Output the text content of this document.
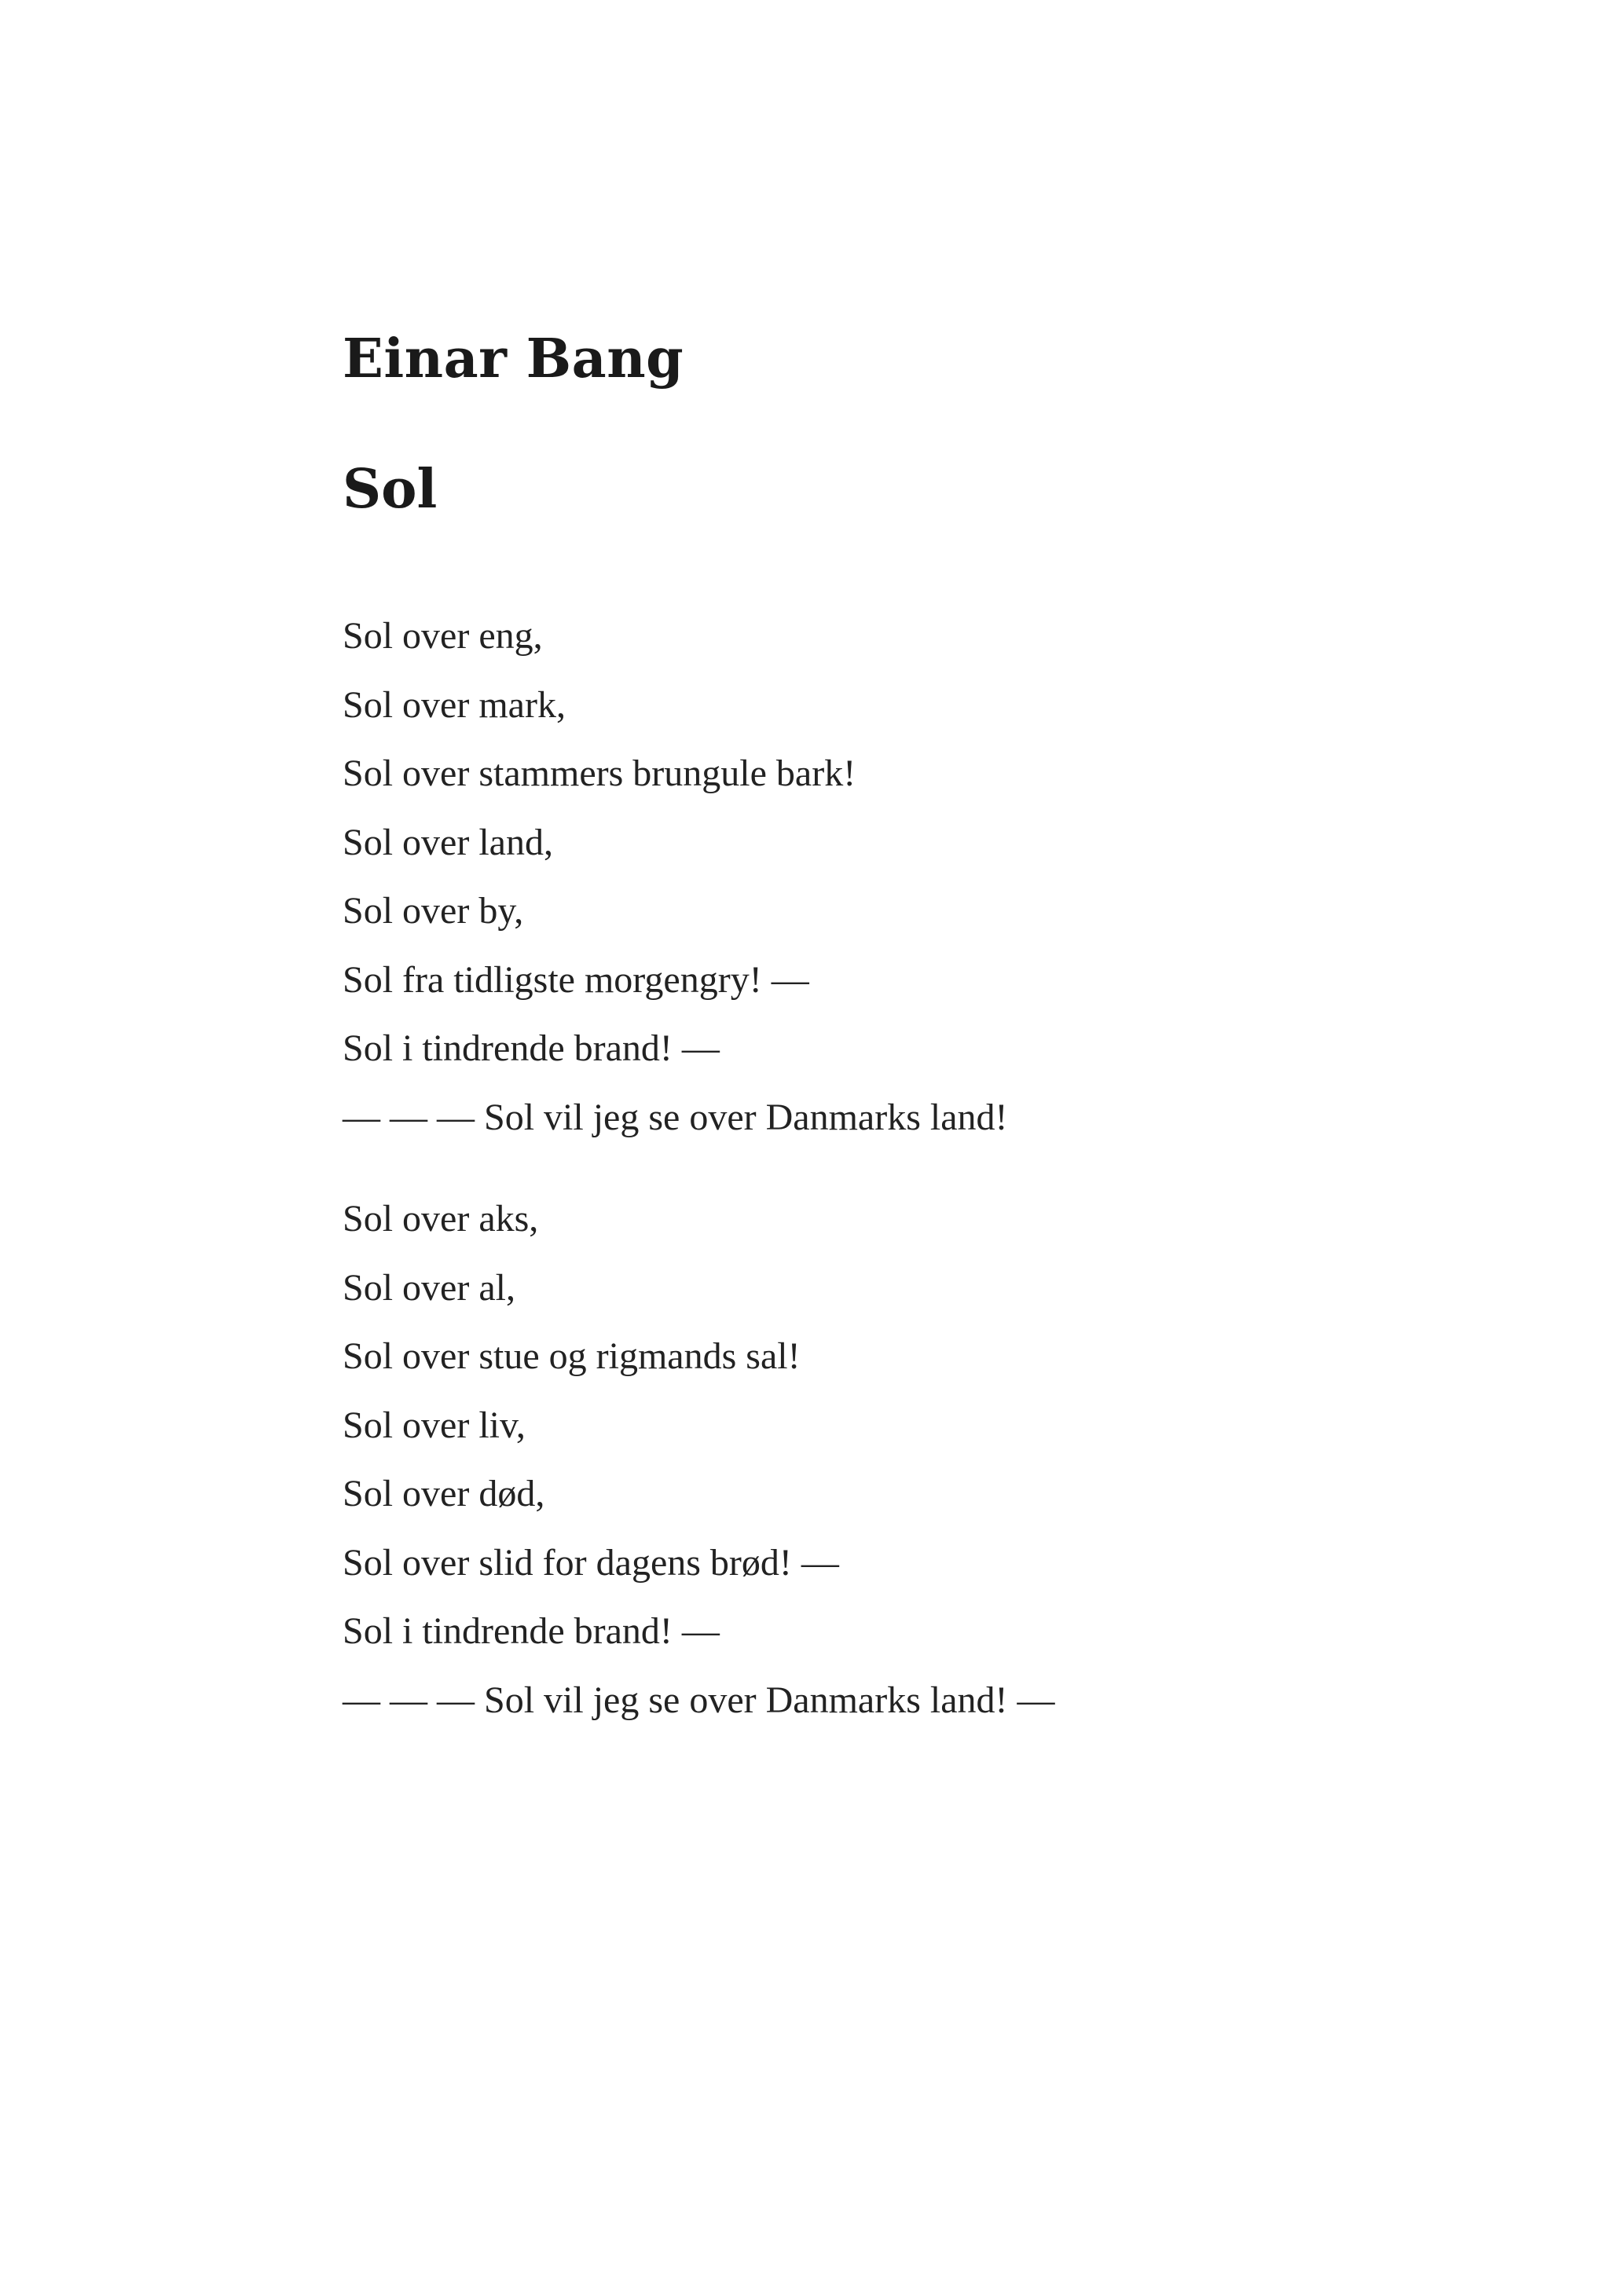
Einar Bang
Sol
Sol over eng,
Sol over mark,
Sol over stammers brungule bark!
Sol over land,
Sol over by,
Sol fra tidligste morgengry! —
Sol i tindrende brand! —
— — — Sol vil jeg se over Danmarks land!
Sol over aks,
Sol over al,
Sol over stue og rigmands sal!
Sol over liv,
Sol over død,
Sol over slid for dagens brød! —
Sol i tindrende brand! —
— — — Sol vil jeg se over Danmarks land! —
